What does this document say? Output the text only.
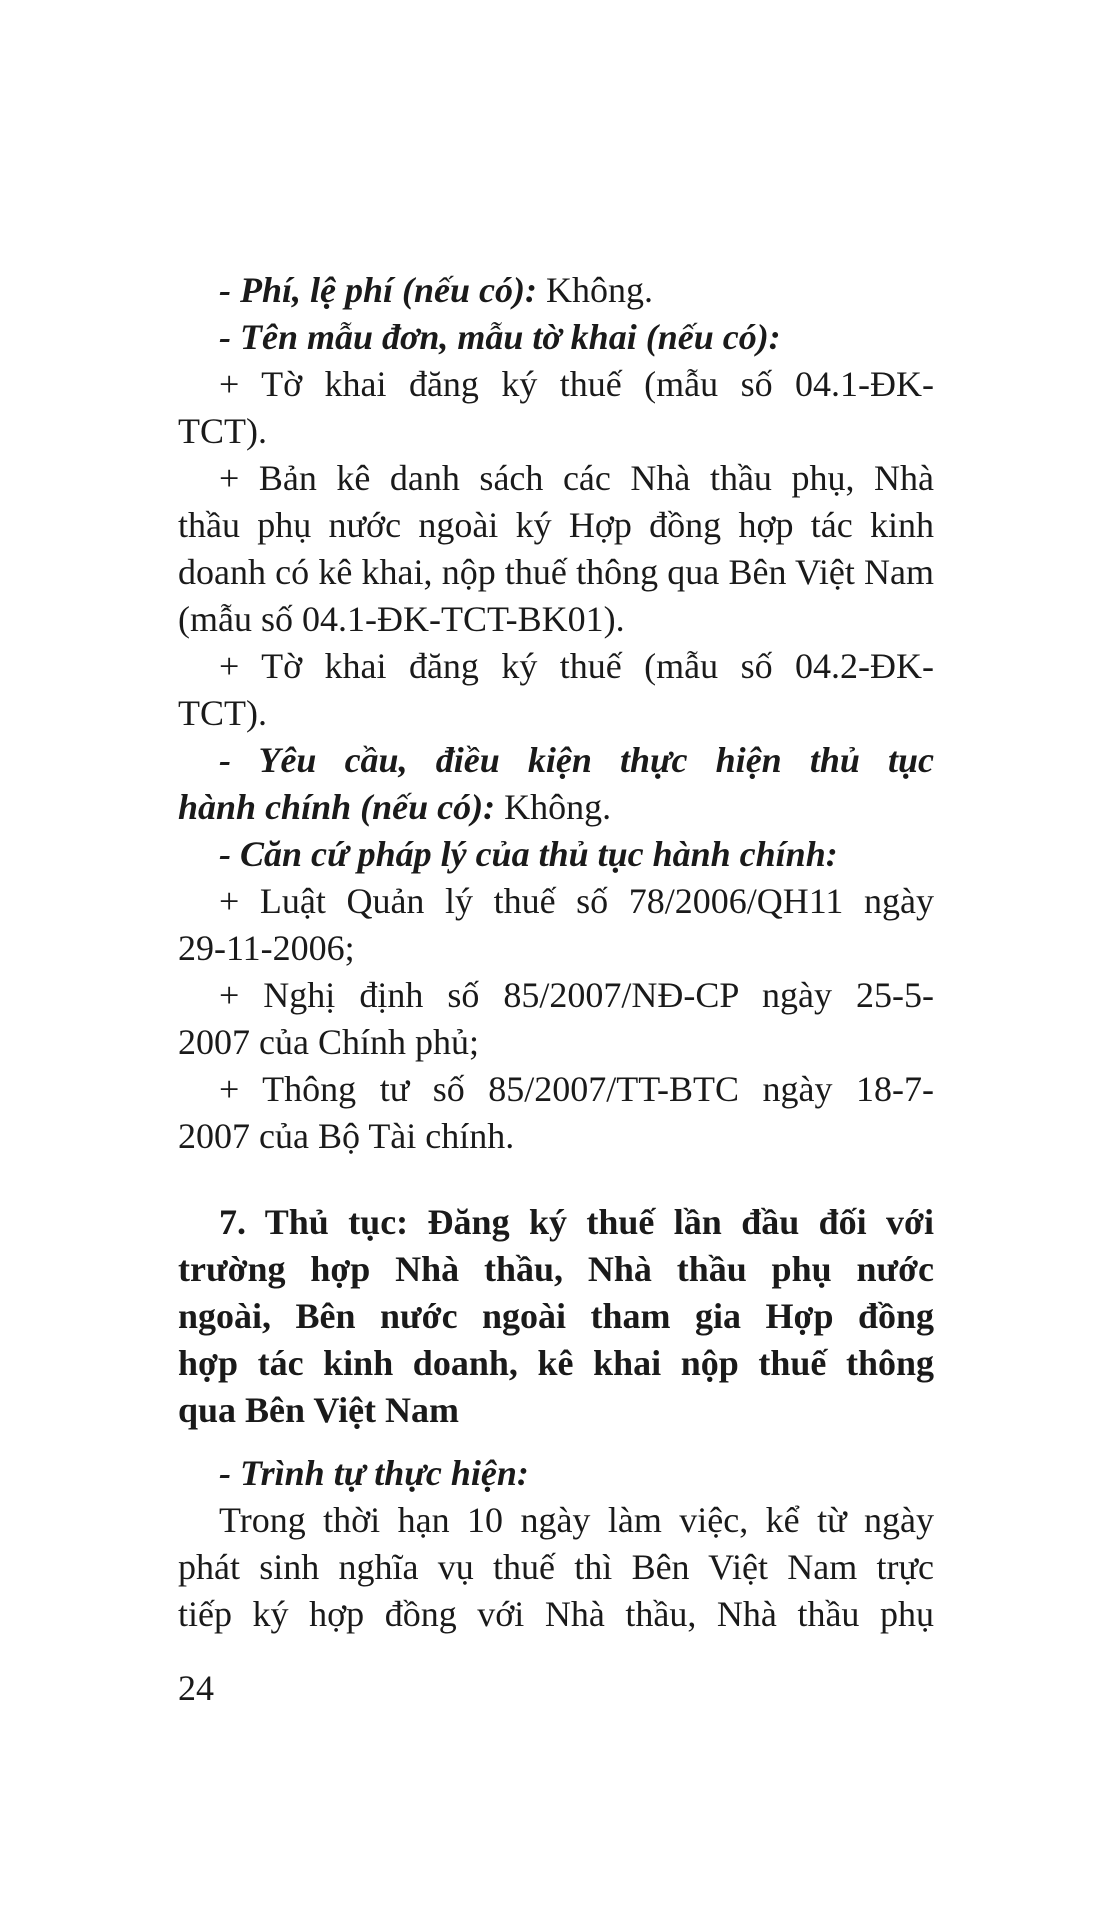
- Phí, lệ phí (nếu có): Không.
- Tên mẫu đơn, mẫu tờ khai (nếu có):
+ Tờ khai đăng ký thuế (mẫu số 04.1-ĐK-
TCT).
+ Bản kê danh sách các Nhà thầu phụ, Nhà
thầu phụ nước ngoài ký Hợp đồng hợp tác kinh
doanh có kê khai, nộp thuế thông qua Bên Việt Nam
(mẫu số 04.1-ĐK-TCT-BK01).
+ Tờ khai đăng ký thuế (mẫu số 04.2-ĐK-
TCT).
- Yêu cầu, điều kiện thực hiện thủ tục
hành chính (nếu có): Không.
- Căn cứ pháp lý của thủ tục hành chính:
+ Luật Quản lý thuế số 78/2006/QH11 ngày
29-11-2006;
+ Nghị định số 85/2007/NĐ-CP ngày 25-5-
2007 của Chính phủ;
+ Thông tư số 85/2007/TT-BTC ngày 18-7-
2007 của Bộ Tài chính.
7. Thủ tục: Đăng ký thuế lần đầu đối với
trường hợp Nhà thầu, Nhà thầu phụ nước
ngoài, Bên nước ngoài tham gia Hợp đồng
hợp tác kinh doanh, kê khai nộp thuế thông
qua Bên Việt Nam
- Trình tự thực hiện:
Trong thời hạn 10 ngày làm việc, kể từ ngày
phát sinh nghĩa vụ thuế thì Bên Việt Nam trực
tiếp ký hợp đồng với Nhà thầu, Nhà thầu phụ
24
